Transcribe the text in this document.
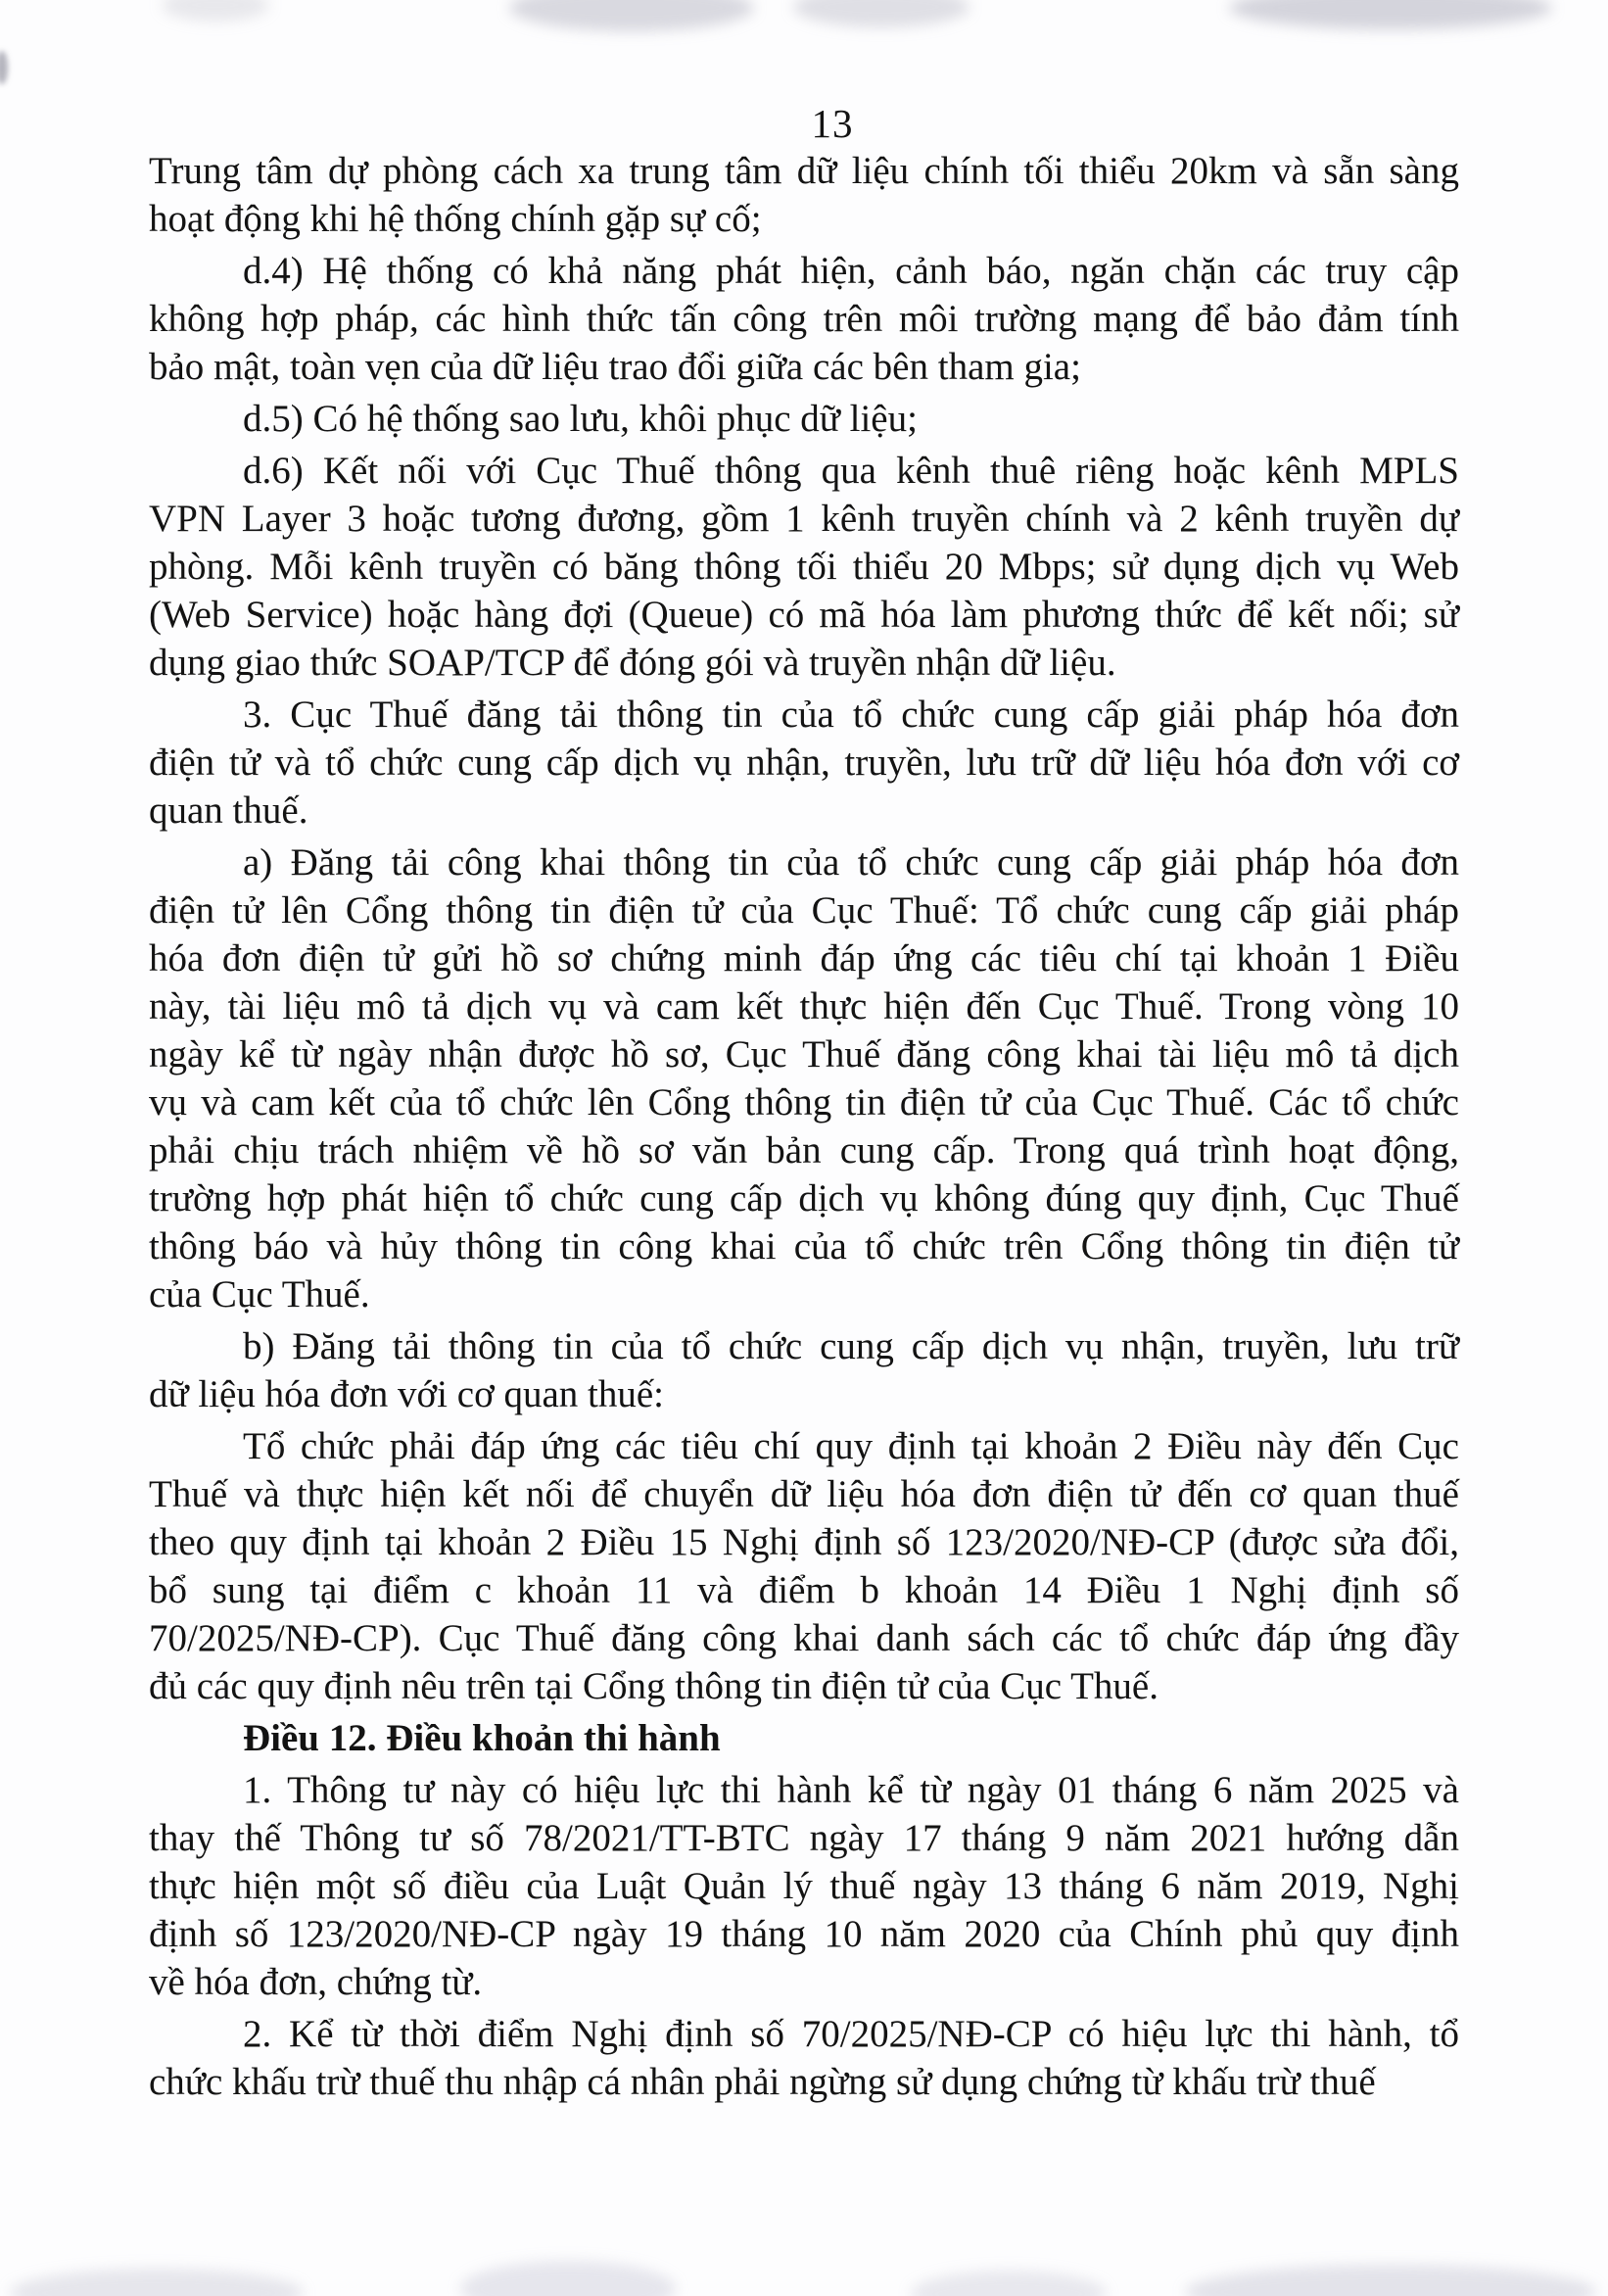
13
Trung tâm dự phòng cách xa trung tâm dữ liệu chính tối thiểu 20km và sẵn sàng
hoạt động khi hệ thống chính gặp sự cố;
d.4) Hệ thống có khả năng phát hiện, cảnh báo, ngăn chặn các truy cập
không hợp pháp, các hình thức tấn công trên môi trường mạng để bảo đảm tính
bảo mật, toàn vẹn của dữ liệu trao đổi giữa các bên tham gia;
d.5) Có hệ thống sao lưu, khôi phục dữ liệu;
d.6) Kết nối với Cục Thuế thông qua kênh thuê riêng hoặc kênh MPLS
VPN Layer 3 hoặc tương đương, gồm 1 kênh truyền chính và 2 kênh truyền dự
phòng. Mỗi kênh truyền có băng thông tối thiểu 20 Mbps; sử dụng dịch vụ Web
(Web Service) hoặc hàng đợi (Queue) có mã hóa làm phương thức để kết nối; sử
dụng giao thức SOAP/TCP để đóng gói và truyền nhận dữ liệu.
3. Cục Thuế đăng tải thông tin của tổ chức cung cấp giải pháp hóa đơn
điện tử và tổ chức cung cấp dịch vụ nhận, truyền, lưu trữ dữ liệu hóa đơn với cơ
quan thuế.
a) Đăng tải công khai thông tin của tổ chức cung cấp giải pháp hóa đơn
điện tử lên Cổng thông tin điện tử của Cục Thuế: Tổ chức cung cấp giải pháp
hóa đơn điện tử gửi hồ sơ chứng minh đáp ứng các tiêu chí tại khoản 1 Điều
này, tài liệu mô tả dịch vụ và cam kết thực hiện đến Cục Thuế. Trong vòng 10
ngày kể từ ngày nhận được hồ sơ, Cục Thuế đăng công khai tài liệu mô tả dịch
vụ và cam kết của tổ chức lên Cổng thông tin điện tử của Cục Thuế. Các tổ chức
phải chịu trách nhiệm về hồ sơ văn bản cung cấp. Trong quá trình hoạt động,
trường hợp phát hiện tổ chức cung cấp dịch vụ không đúng quy định, Cục Thuế
thông báo và hủy thông tin công khai của tổ chức trên Cổng thông tin điện tử
của Cục Thuế.
b) Đăng tải thông tin của tổ chức cung cấp dịch vụ nhận, truyền, lưu trữ
dữ liệu hóa đơn với cơ quan thuế:
Tổ chức phải đáp ứng các tiêu chí quy định tại khoản 2 Điều này đến Cục
Thuế và thực hiện kết nối để chuyển dữ liệu hóa đơn điện tử đến cơ quan thuế
theo quy định tại khoản 2 Điều 15 Nghị định số 123/2020/NĐ-CP (được sửa đổi,
bổ sung tại điểm c khoản 11 và điểm b khoản 14 Điều 1 Nghị định số
70/2025/NĐ-CP). Cục Thuế đăng công khai danh sách các tổ chức đáp ứng đầy
đủ các quy định nêu trên tại Cổng thông tin điện tử của Cục Thuế.
Điều 12. Điều khoản thi hành
1. Thông tư này có hiệu lực thi hành kể từ ngày 01 tháng 6 năm 2025 và
thay thế Thông tư số 78/2021/TT-BTC ngày 17 tháng 9 năm 2021 hướng dẫn
thực hiện một số điều của Luật Quản lý thuế ngày 13 tháng 6 năm 2019, Nghị
định số 123/2020/NĐ-CP ngày 19 tháng 10 năm 2020 của Chính phủ quy định
về hóa đơn, chứng từ.
2. Kể từ thời điểm Nghị định số 70/2025/NĐ-CP có hiệu lực thi hành, tổ
chức khấu trừ thuế thu nhập cá nhân phải ngừng sử dụng chứng từ khấu trừ thuế
